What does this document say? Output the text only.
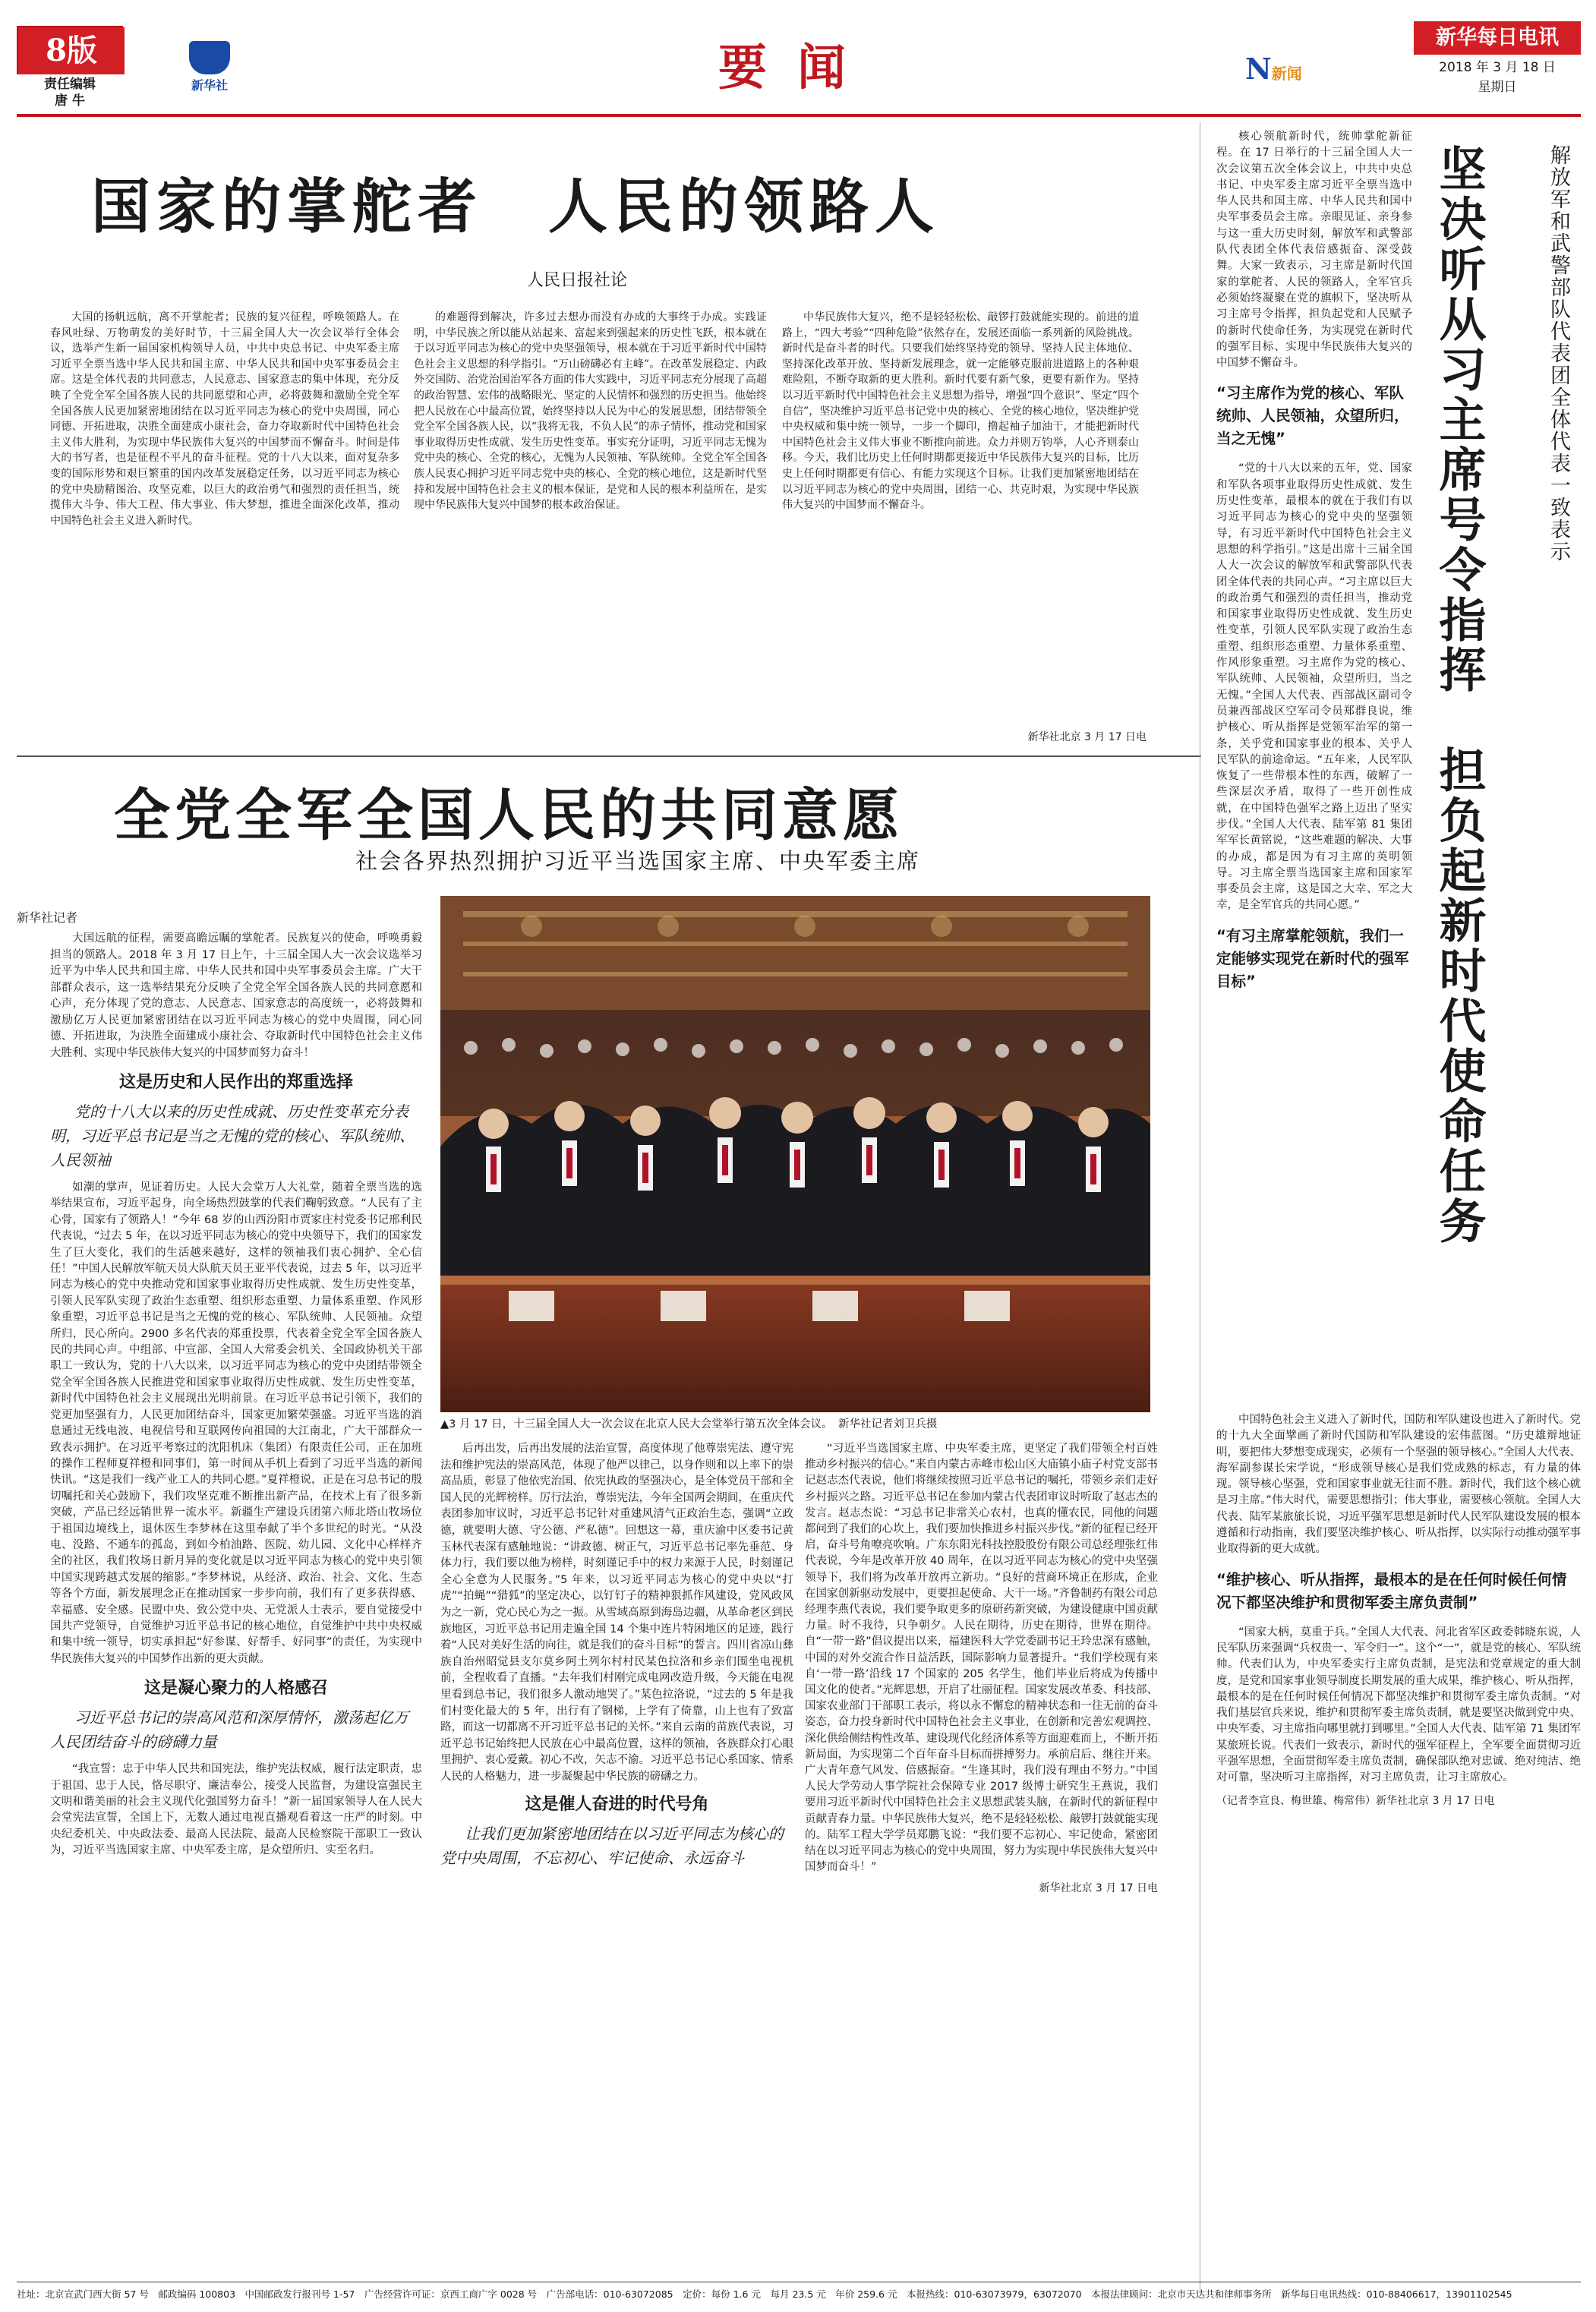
8版
责任编辑
唐 牛
新华社	要闻	N新闻
新华每日电讯
2018 年 3 月 18 日
星期日
国家的掌舵者　人民的领路人
人民日报社论
大国的扬帆远航，离不开掌舵者；民族的复兴征程，呼唤领路人。在春风吐绿、万物萌发的美好时节，十三届全国人大一次会议举行全体会议，选举产生新一届国家机构领导人员，中共中央总书记、中央军委主席习近平全票当选中华人民共和国主席、中华人民共和国中央军事委员会主席。这是全体代表的共同意志，人民意志、国家意志的集中体现，充分反映了全党全军全国各族人民的共同愿望和心声，必将鼓舞和激励全党全军全国各族人民更加紧密地团结在以习近平同志为核心的党中央周围，同心同德、开拓进取，决胜全面建成小康社会，奋力夺取新时代中国特色社会主义伟大胜利，为实现中华民族伟大复兴的中国梦而不懈奋斗。时间是伟大的书写者，也是征程不平凡的奋斗征程。党的十八大以来，面对复杂多变的国际形势和艰巨繁重的国内改革发展稳定任务，以习近平同志为核心的党中央励精图治、攻坚克难，以巨大的政治勇气和强烈的责任担当，统揽伟大斗争、伟大工程、伟大事业、伟大梦想，推进全面深化改革，推动中国特色社会主义进入新时代。
的难题得到解决，许多过去想办而没有办成的大事终于办成。实践证明，中华民族之所以能从站起来、富起来到强起来的历史性飞跃，根本就在于以习近平同志为核心的党中央坚强领导，根本就在于习近平新时代中国特色社会主义思想的科学指引。“万山磅礴必有主峰”。在改革发展稳定、内政外交国防、治党治国治军各方面的伟大实践中，习近平同志充分展现了高超的政治智慧、宏伟的战略眼光、坚定的人民情怀和强烈的历史担当。他始终把人民放在心中最高位置，始终坚持以人民为中心的发展思想，团结带领全党全军全国各族人民，以“我将无我，不负人民”的赤子情怀，推动党和国家事业取得历史性成就、发生历史性变革。事实充分证明，习近平同志无愧为党中央的核心、全党的核心，无愧为人民领袖、军队统帅。全党全军全国各族人民衷心拥护习近平同志党中央的核心、全党的核心地位，这是新时代坚持和发展中国特色社会主义的根本保证，是党和人民的根本利益所在，是实现中华民族伟大复兴中国梦的根本政治保证。
中华民族伟大复兴，绝不是轻轻松松、敲锣打鼓就能实现的。前进的道路上，“四大考验”“四种危险”依然存在，发展还面临一系列新的风险挑战。新时代是奋斗者的时代。只要我们始终坚持党的领导、坚持人民主体地位、坚持深化改革开放、坚持新发展理念，就一定能够克服前进道路上的各种艰难险阻，不断夺取新的更大胜利。新时代要有新气象，更要有新作为。坚持以习近平新时代中国特色社会主义思想为指导，增强“四个意识”、坚定“四个自信”，坚决维护习近平总书记党中央的核心、全党的核心地位，坚决维护党中央权威和集中统一领导，一步一个脚印，撸起袖子加油干，才能把新时代中国特色社会主义伟大事业不断推向前进。众力并则万钧举，人心齐则泰山移。今天，我们比历史上任何时期都更接近中华民族伟大复兴的目标，比历史上任何时期都更有信心、有能力实现这个目标。让我们更加紧密地团结在以习近平同志为核心的党中央周围，团结一心、共克时艰，为实现中华民族伟大复兴的中国梦而不懈奋斗。
新华社北京 3 月 17 日电
全党全军全国人民的共同意愿
社会各界热烈拥护习近平当选国家主席、中央军委主席
新华社记者
大国远航的征程，需要高瞻远瞩的掌舵者。民族复兴的使命，呼唤勇毅担当的领路人。2018 年 3 月 17 日上午，十三届全国人大一次会议选举习近平为中华人民共和国主席、中华人民共和国中央军事委员会主席。广大干部群众表示，这一选举结果充分反映了全党全军全国各族人民的共同意愿和心声，充分体现了党的意志、人民意志、国家意志的高度统一，必将鼓舞和激励亿万人民更加紧密团结在以习近平同志为核心的党中央周围，同心同德、开拓进取，为決胜全面建成小康社会、夺取新时代中国特色社会主义伟大胜利、实现中华民族伟大复兴的中国梦而努力奋斗！
这是历史和人民作出的郑重选择
党的十八大以来的历史性成就、历史性变革充分表明，习近平总书记是当之无愧的党的核心、军队统帅、人民领袖
如潮的掌声，见证着历史。人民大会堂万人大礼堂，随着全票当选的选举结果宣布，习近平起身，向全场热烈鼓掌的代表们鞠躬致意。“人民有了主心骨，国家有了领路人！”今年 68 岁的山西汾阳市贾家庄村党委书记邢利民代表说，“过去 5 年，在以习近平同志为核心的党中央领导下，我们的国家发生了巨大变化，我们的生活越来越好，这样的领袖我们衷心拥护、全心信任！”中国人民解放军航天员大队航天员王亚平代表说，过去 5 年，以习近平同志为核心的党中央推动党和国家事业取得历史性成就、发生历史性变革，引领人民军队实现了政治生态重塑、组织形态重塑、力量体系重塑、作风形象重塑，习近平总书记是当之无愧的党的核心、军队统帅、人民领袖。众望所归，民心所向。2900 多名代表的郑重投票，代表着全党全军全国各族人民的共同心声。中组部、中宣部、全国人大常委会机关、全国政协机关干部职工一致认为，党的十八大以来，以习近平同志为核心的党中央团结带领全党全军全国各族人民推进党和国家事业取得历史性成就、发生历史性变革，新时代中国特色社会主义展现出光明前景。在习近平总书记引领下，我们的党更加坚强有力，人民更加团结奋斗，国家更加繁荣强盛。习近平当选的消息通过无线电波、电视信号和互联网传向祖国的大江南北，广大干部群众一致表示拥护。在习近平考察过的沈阳机床（集团）有限责任公司，正在加班的操作工程师夏祥橙和同事们，第一时间从手机上看到了习近平当选的新闻快讯。“这是我们一线产业工人的共同心愿。”夏祥橙说，正是在习总书记的殷切嘱托和关心鼓励下，我们攻坚克难不断推出新产品，在技术上有了很多新突破，产品已经远销世界一流水平。新疆生产建设兵团第六师北塔山牧场位于祖国边境线上，退休医生李梦林在这里奉献了半个多世纪的时光。“从没电、没路、不通车的孤岛，到如今柏油路、医院、幼儿园、文化中心样样齐全的社区，我们牧场日新月异的变化就是以习近平同志为核心的党中央引领中国实现跨越式发展的缩影。”李梦林说，从经济、政治、社会、文化、生态等各个方面，新发展理念正在推动国家一步步向前，我们有了更多获得感、幸福感、安全感。民盟中央、致公党中央、无党派人士表示，要自觉接受中国共产党领导，自觉维护习近平总书记的核心地位，自觉维护中共中央权威和集中统一领导，切实承担起“好参谋、好帮手、好同事”的责任，为实现中华民族伟大复兴的中国梦作出新的更大贡献。
这是凝心聚力的人格感召
习近平总书记的崇高风范和深厚情怀，激荡起亿万人民团结奋斗的磅礴力量
“我宣誓：忠于中华人民共和国宪法，维护宪法权威，履行法定职责，忠于祖国、忠于人民，恪尽职守、廉洁奉公，接受人民监督，为建设富强民主文明和谐美丽的社会主义现代化强国努力奋斗！”新一届国家领导人在人民大会堂宪法宣誓，全国上下，无数人通过电视直播观看着这一庄严的时刻。中央纪委机关、中央政法委、最高人民法院、最高人民检察院干部职工一致认为，习近平当选国家主席、中央军委主席，是众望所归、实至名归。
▲3 月 17 日，十三届全国人大一次会议在北京人民大会堂举行第五次全体会议。　新华社记者刘卫兵摄
后再出发，后再出发展的法治宣誓，高度体现了他尊崇宪法、遵守宪法和维护宪法的崇高风范，体现了他严以律己，以身作则和以上率下的崇高品质，彰显了他依宪治国、依宪执政的坚强决心，是全体党员干部和全国人民的光辉榜样。厉行法治，尊崇宪法，今年全国两会期间，在重庆代表团参加审议时，习近平总书记针对重建风清气正政治生态，强调“立政德，就要明大德、守公德、严私德”。回想这一幕，重庆渝中区委书记黄玉林代表深有感触地说：“讲政德、树正气，习近平总书记率先垂范、身体力行，我们要以他为榜样，时刻谨记手中的权力来源于人民，时刻谨记全心全意为人民服务。”5 年来，以习近平同志为核心的党中央以“打虎”“拍蝇”“猎狐”的坚定决心，以钉钉子的精神狠抓作风建设，党风政风为之一新，党心民心为之一振。从雪域高原到海岛边疆，从革命老区到民族地区，习近平总书记用走遍全国 14 个集中连片特困地区的足迹，践行着“人民对美好生活的向往，就是我们的奋斗目标”的誓言。四川省凉山彝族自治州昭觉县支尔莫乡阿土列尔村村民某色拉洛和乡亲们围坐电视机前，全程收看了直播。“去年我们村刚完成电网改造升级，今天能在电视里看到总书记，我们很多人激动地哭了。”某色拉洛说，“过去的 5 年是我们村变化最大的 5 年，出行有了钢梯，上学有了倚靠，山上也有了致富路，而这一切都离不开习近平总书记的关怀。”来自云南的苗族代表说，习近平总书记始终把人民放在心中最高位置，这样的领袖，各族群众打心眼里拥护、衷心爱戴。初心不改，矢志不渝。习近平总书记心系国家、情系人民的人格魅力，进一步凝聚起中华民族的磅礴之力。
这是催人奋进的时代号角
让我们更加紧密地团结在以习近平同志为核心的党中央周围，不忘初心、牢记使命、永远奋斗
“习近平当选国家主席、中央军委主席，更坚定了我们带领全村百姓推动乡村振兴的信心。”来自内蒙古赤峰市松山区大庙镇小庙子村党支部书记赵志杰代表说，他们将继续按照习近平总书记的嘱托，带领乡亲们走好乡村振兴之路。习近平总书记在参加内蒙古代表团审议时听取了赵志杰的发言。赵志杰说：“习总书记非常关心农村，也真的懂农民，同他的问题都问到了我们的心坎上，我们要加快推进乡村振兴步伐。”新的征程已经开启，奋斗号角嘹亮吹响。广东东阳光科技控股股份有限公司总经理张红伟代表说，今年是改革开放 40 周年，在以习近平同志为核心的党中央坚强领导下，我们将为改革开放再立新功。“良好的营商环境正在形成，企业在国家创新驱动发展中，更要担起使命、大干一场。”齐鲁制药有限公司总经理李燕代表说，我们要争取更多的原研药新突破，为建设健康中国贡献力量。时不我待，只争朝夕。人民在期待，历史在期待，世界在期待。自“一带一路”倡议提出以来，福建医科大学党委副书记王玲忠深有感触，中国的对外交流合作日益活跃，国际影响力显著提升。“我们学校现有来自‘一带一路’沿线 17 个国家的 205 名学生，他们毕业后将成为传播中国文化的使者。”光辉思想，开启了壮丽征程。国家发展改革委、科技部、国家农业部门干部职工表示，将以永不懈怠的精神状态和一往无前的奋斗姿态，奋力投身新时代中国特色社会主义事业，在创新和完善宏观调控、深化供给侧结构性改革、建设现代化经济体系等方面迎难而上，不断开拓新局面，为实现第二个百年奋斗目标而拼搏努力。承前启后、继往开来。广大青年意气风发、倍感振奋。“生逢其时，我们没有理由不努力。”中国人民大学劳动人事学院社会保障专业 2017 级博士研究生王燕说，我们要用习近平新时代中国特色社会主义思想武装头脑，在新时代的新征程中贡献青春力量。中华民族伟大复兴，绝不是轻轻松松、敲锣打鼓就能实现的。陆军工程大学学员郑鹏飞说：“我们要不忘初心、牢记使命，紧密团结在以习近平同志为核心的党中央周围，努力为实现中华民族伟大复兴中国梦而奋斗！”
新华社北京 3 月 17 日电
解放军和武警部队代表团全体代表一致表示
坚决听从习主席号令指挥　担负起新时代使命任务
核心领航新时代，统帅掌舵新征程。在 17 日举行的十三届全国人大一次会议第五次全体会议上，中共中央总书记、中央军委主席习近平全票当选中华人民共和国主席、中华人民共和国中央军事委员会主席。亲眼见证、亲身参与这一重大历史时刻，解放军和武警部队代表团全体代表倍感振奋、深受鼓舞。大家一致表示，习主席是新时代国家的掌舵者、人民的领路人，全军官兵必须始终凝聚在党的旗帜下，坚决听从习主席号令指挥，担负起党和人民赋予的新时代使命任务，为实现党在新时代的强军目标、实现中华民族伟大复兴的中国梦不懈奋斗。
“习主席作为党的核心、军队统帅、人民领袖，众望所归，当之无愧”
“党的十八大以来的五年，党、国家和军队各项事业取得历史性成就、发生历史性变革，最根本的就在于我们有以习近平同志为核心的党中央的坚强领导，有习近平新时代中国特色社会主义思想的科学指引。”这是出席十三届全国人大一次会议的解放军和武警部队代表团全体代表的共同心声。“习主席以巨大的政治勇气和强烈的责任担当，推动党和国家事业取得历史性成就、发生历史性变革，引领人民军队实现了政治生态重塑、组织形态重塑、力量体系重塑、作风形象重塑。习主席作为党的核心、军队统帅、人民领袖，众望所归，当之无愧。”全国人大代表、西部战区副司令员兼西部战区空军司令员郑群良说，维护核心、听从指挥是党领军治军的第一条，关乎党和国家事业的根本、关乎人民军队的前途命运。“五年来，人民军队恢复了一些带根本性的东西，破解了一些深层次矛盾，取得了一些开创性成就，在中国特色强军之路上迈出了坚实步伐。”全国人大代表、陆军第 81 集团军军长黄铭说，“这些难题的解决、大事的办成，都是因为有习主席的英明领导。习主席全票当选国家主席和国家军事委员会主席，这是国之大幸、军之大幸，是全军官兵的共同心愿。”
“有习主席掌舵领航，我们一定能够实现党在新时代的强军目标”
中国特色社会主义进入了新时代，国防和军队建设也进入了新时代。党的十九大全面擘画了新时代国防和军队建设的宏伟蓝图。“历史雄辩地证明，要把伟大梦想变成现实，必须有一个坚强的领导核心。”全国人大代表、海军副参谋长宋学说，“形成领导核心是我们党成熟的标志，有力量的体现。领导核心坚强，党和国家事业就无往而不胜。新时代，我们这个核心就是习主席。”伟大时代，需要思想指引；伟大事业，需要核心领航。全国人大代表、陆军某旅旅长说，习近平强军思想是新时代人民军队建设发展的根本遵循和行动指南，我们要坚决维护核心、听从指挥，以实际行动推动强军事业取得新的更大成就。
“维护核心、听从指挥，最根本的是在任何时候任何情况下都坚决维护和贯彻军委主席负责制”
“国家大柄，莫重于兵。”全国人大代表、河北省军区政委韩晓东说，人民军队历来强调“兵权贵一、军令归一”。这个“一”，就是党的核心、军队统帅。代表们认为，中央军委实行主席负责制，是宪法和党章规定的重大制度，是党和国家事业领导制度长期发展的重大成果，维护核心、听从指挥，最根本的是在任何时候任何情况下都坚决维护和贯彻军委主席负责制。“对我们基层官兵来说，维护和贯彻军委主席负责制，就是要坚决做到党中央、中央军委、习主席指向哪里就打到哪里。”全国人大代表、陆军第 71 集团军某旅班长说。代表们一致表示，新时代的强军征程上，全军要全面贯彻习近平强军思想，全面贯彻军委主席负责制，确保部队绝对忠诚、绝对纯洁、绝对可靠，坚决听习主席指挥，对习主席负责，让习主席放心。
（记者李宣良、梅世雄、梅常伟）新华社北京 3 月 17 日电
社址：北京宣武门西大街 57 号　邮政编码 100803　中国邮政发行报刊号 1-57　广告经营许可证：京西工商广字 0028 号　广告部电话：010-63072085　定价：每份 1.6 元　每月 23.5 元　年价 259.6 元　本报热线：010-63073979，63072070　本报法律顾问：北京市天达共和律师事务所　新华每日电讯热线：010-88406617，13901102545
